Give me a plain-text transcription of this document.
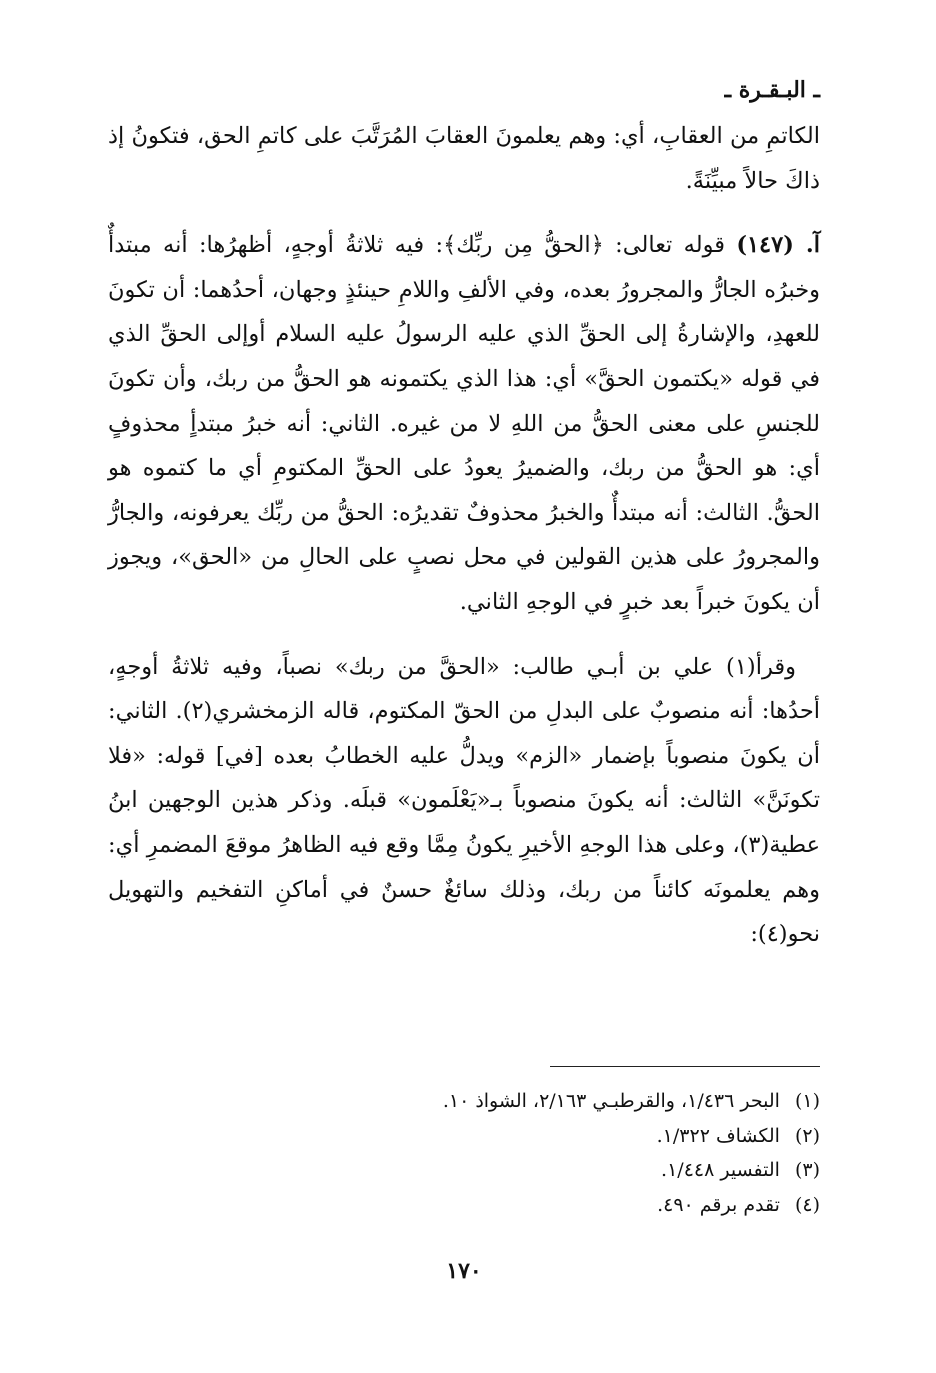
ـ البـقـرة ـ

الكاتمِ من العقابِ، أي: وهم يعلمونَ العقابَ المُرَتَّبَ على كاتمِ الحق، فتكونُ إذ ذاكَ حالاً مبيِّنَةً.

آ. (١٤٧) قوله تعالى: ﴿الحقُّ مِن ربِّك﴾: فيه ثلاثةُ أوجهٍ، أظهرُها: أنه مبتدأٌ وخبرُه الجارُّ والمجرورُ بعده، وفي الألفِ واللامِ حينئذٍ وجهان، أحدُهما: أن تكونَ للعهدِ، والإشارةُ إلى الحقِّ الذي عليه الرسولُ عليه السلام أوإلى الحقِّ الذي في قوله «يكتمون الحقَّ» أي: هذا الذي يكتمونه هو الحقُّ من ربك، وأن تكونَ للجنسِ على معنى الحقُّ من اللهِ لا من غيره. الثاني: أنه خبرُ مبتدأٍ محذوفٍ أي: هو الحقُّ من ربك، والضميرُ يعودُ على الحقِّ المكتومِ أي ما كتموه هو الحقُّ. الثالث: أنه مبتدأٌ والخبرُ محذوفٌ تقديرُه: الحقُّ من ربِّك يعرفونه، والجارُّ والمجرورُ على هذين القولين في محل نصبٍ على الحالِ من «الحق»، ويجوز أن يكونَ خبراً بعد خبرٍ في الوجهِ الثاني.

وقرأ(١) علي بن أبـي طالب: «الحقَّ من ربك» نصباً، وفيه ثلاثةُ أوجهٍ، أحدُها: أنه منصوبٌ على البدلِ من الحقّ المكتوم، قاله الزمخشري(٢). الثاني: أن يكونَ منصوباً بإضمار «الزم» ويدلُّ عليه الخطابُ بعده [في] قوله: «فلا تكونَنَّ» الثالث: أنه يكونَ منصوباً بـ«يَعْلَمون» قبلَه. وذكر هذين الوجهين ابنُ عطية(٣)، وعلى هذا الوجهِ الأخيرِ يكونُ مِمَّا وقع فيه الظاهرُ موقعَ المضمرِ أي: وهم يعلمونَه كائناً من ربك، وذلك سائغٌ حسنٌ في أماكنِ التفخيم والتهويل نحو(٤):

(١) البحر ١/٤٣٦، والقرطبـي ٢/١٦٣، الشواذ ١٠.
(٢) الكشاف ١/٣٢٢.
(٣) التفسير ١/٤٤٨.
(٤) تقدم برقم ٤٩٠.
١٧٠
